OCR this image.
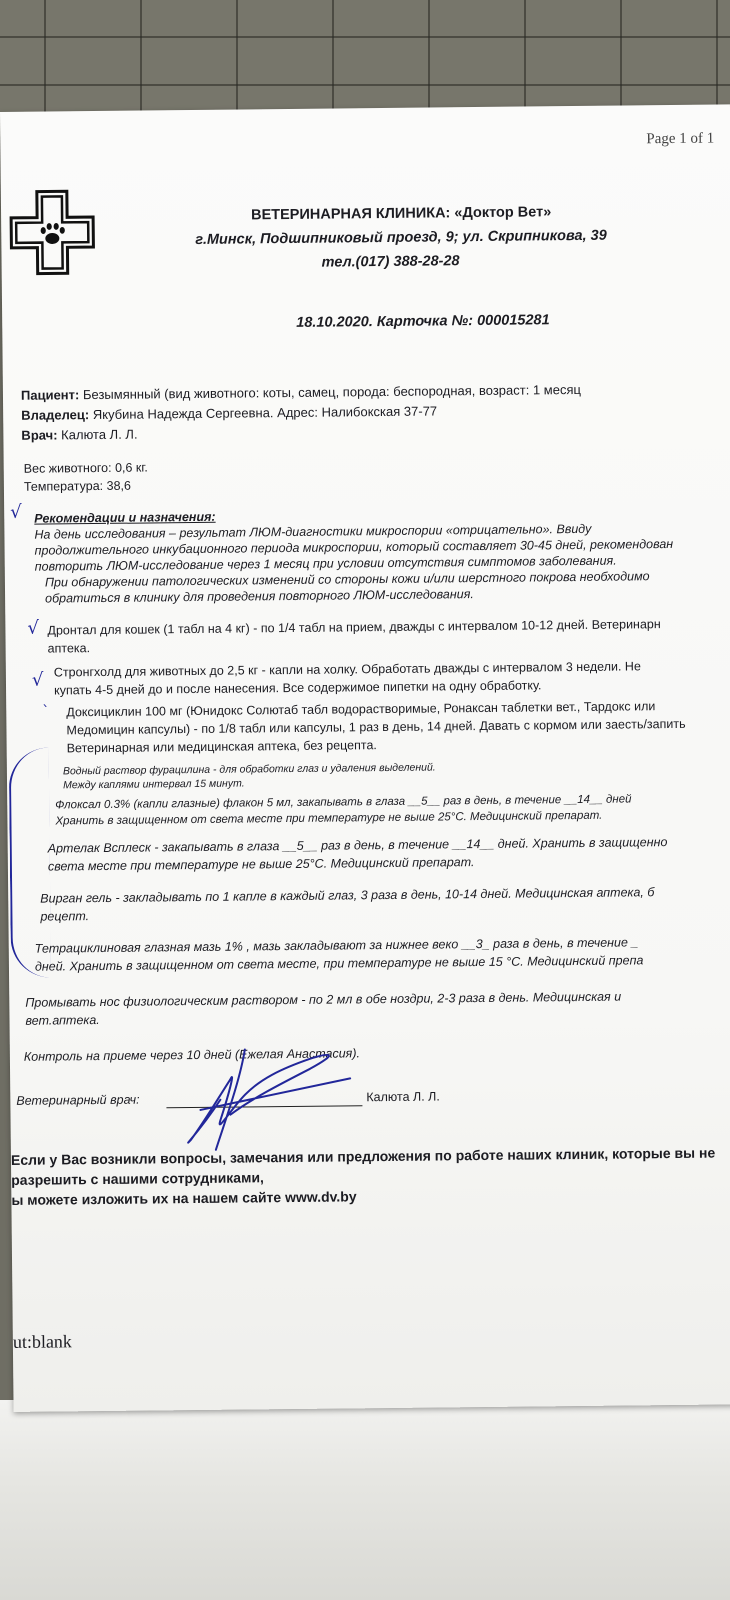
Page 1 of 1
ВЕТЕРИНАРНАЯ КЛИНИКА: «Доктор Вет»
г.Минск, Подшипниковый проезд, 9; ул. Скрипникова, 39
тел.(017) 388-28-28
18.10.2020. Карточка №: 000015281
Пациент: Безымянный (вид животного: коты, самец, порода: беспородная, возраст: 1 месяц
Владелец: Якубина Надежда Сергеевна. Адрес: Налибокская 37-77
Врач: Калюта Л. Л.
Вес животного: 0,6 кг.
Температура: 38,6
√ Рекомендации и назначения:
На день исследования – результат ЛЮМ-диагностики микроспории «отрицательно». Ввиду
продолжительного инкубационного периода микроспории, который составляет 30-45 дней, рекомендован
повторить ЛЮМ-исследование через 1 месяц при условии отсутствия симптомов заболевания.
При обнаружении патологических изменений со стороны кожи и/или шерстного покрова необходимо
обратиться в клинику для проведения повторного ЛЮМ-исследования.
√ Дронтал для кошек (1 табл на 4 кг) - по 1/4 табл на прием, дважды с интервалом 10-12 дней. Ветеринарн
аптека.
√
Стронгхолд для животных до 2,5 кг - капли на холку. Обработать дважды с интервалом 3 недели. Не
купать 4-5 дней до и после нанесения. Все содержимое пипетки на одну обработку.
` Доксициклин 100 мг (Юнидокс Солютаб табл водорастворимые, Ронаксан таблетки вет., Тардокс или
Медомицин капсулы) - по 1/8 табл или капсулы, 1 раз в день, 14 дней. Давать с кормом или заесть/запить
Ветеринарная или медицинская аптека, без рецепта.
Водный раствор фурацилина - для обработки глаз и удаления выделений.
Между каплями интервал 15 минут.
Флоксал 0.3% (капли глазные) флакон 5 мл, закапывать в глаза __5__ раз в день, в течение __14__ дней
Хранить в защищенном от света месте при температуре не выше 25°С. Медицинский препарат.
Артелак Всплеск - закапывать в глаза __5__ раз в день, в течение __14__ дней. Хранить в защищенно
света месте при температуре не выше 25°С. Медицинский препарат.
Вирган гель - закладывать по 1 капле в каждый глаз, 3 раза в день, 10-14 дней. Медицинская аптека, б
рецепт.
Тетрациклиновая глазная мазь 1% , мазь закладывают за нижнее веко __3_ раза в день, в течение _
дней. Хранить в защищенном от света месте, при температуре не выше 15 °С. Медицинский препа
Промывать нос физиологическим раствором - по 2 мл в обе ноздри, 2-3 раза в день. Медицинская и
вет.аптека.
Контроль на приеме через 10 дней (Ежелая Анастасия).
Ветеринарный врач:	Калюта Л. Л.
Если у Вас возникли вопросы, замечания или предложения по работе наших клиник, которые вы не
разрешить с нашими сотрудниками,
ы можете изложить их на нашем сайте www.dv.by
ut:blank
